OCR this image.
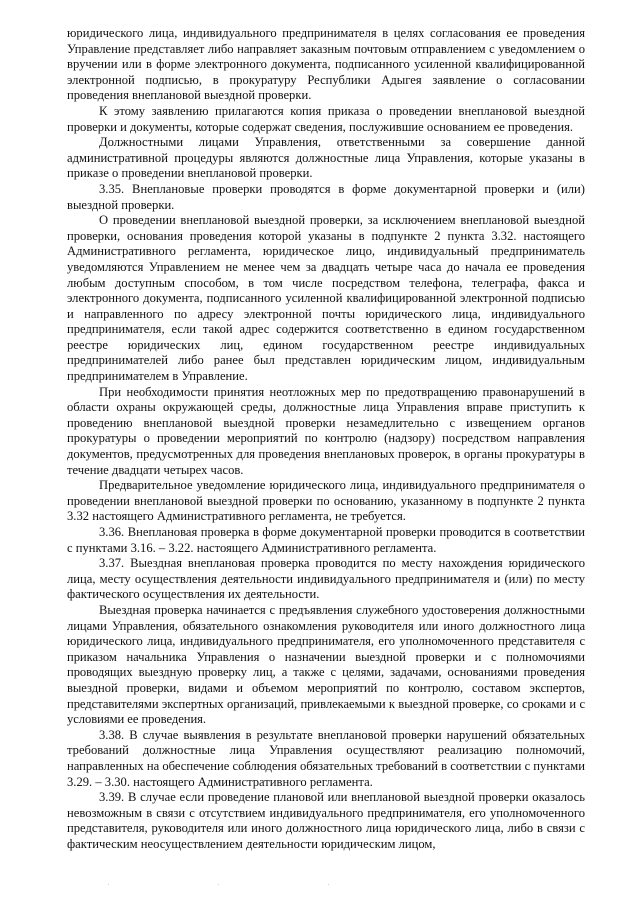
юридического лица, индивидуального предпринимателя в целях согласования ее проведения Управление представляет либо направляет заказным почтовым отправлением с уведомлением о вручении или в форме электронного документа, подписанного усиленной квалифицированной электронной подписью, в прокуратуру Республики Адыгея заявление о согласовании проведения внеплановой выездной проверки.

К этому заявлению прилагаются копия приказа о проведении внеплановой выездной проверки и документы, которые содержат сведения, послужившие основанием ее проведения.

Должностными лицами Управления, ответственными за совершение данной административной процедуры являются должностные лица Управления, которые указаны в приказе о проведении внеплановой проверки.

3.35. Внеплановые проверки проводятся в форме документарной проверки и (или) выездной проверки.

О проведении внеплановой выездной проверки, за исключением внеплановой выездной проверки, основания проведения которой указаны в подпункте 2 пункта 3.32. настоящего Административного регламента, юридическое лицо, индивидуальный предприниматель уведомляются Управлением не менее чем за двадцать четыре часа до начала ее проведения любым доступным способом, в том числе посредством телефона, телеграфа, факса и электронного документа, подписанного усиленной квалифицированной электронной подписью и направленного по адресу электронной почты юридического лица, индивидуального предпринимателя, если такой адрес содержится соответственно в едином государственном реестре юридических лиц, едином государственном реестре индивидуальных предпринимателей либо ранее был представлен юридическим лицом, индивидуальным предпринимателем в Управление.

При необходимости принятия неотложных мер по предотвращению правонарушений в области охраны окружающей среды, должностные лица Управления вправе приступить к проведению внеплановой выездной проверки незамедлительно с извещением органов прокуратуры о проведении мероприятий по контролю (надзору) посредством направления документов, предусмотренных для проведения внеплановых проверок, в органы прокуратуры в течение двадцати четырех часов.

Предварительное уведомление юридического лица, индивидуального предпринимателя о проведении внеплановой выездной проверки по основанию, указанному в подпункте 2 пункта 3.32 настоящего Административного регламента, не требуется.

3.36. Внеплановая проверка в форме документарной проверки проводится в соответствии с пунктами 3.16. – 3.22. настоящего Административного регламента.

3.37. Выездная внеплановая проверка проводится по месту нахождения юридического лица, месту осуществления деятельности индивидуального предпринимателя и (или) по месту фактического осуществления их деятельности.

Выездная проверка начинается с предъявления служебного удостоверения должностными лицами Управления, обязательного ознакомления руководителя или иного должностного лица юридического лица, индивидуального предпринимателя, его уполномоченного представителя с приказом начальника Управления о назначении выездной проверки и с полномочиями проводящих выездную проверку лиц, а также с целями, задачами, основаниями проведения выездной проверки, видами и объемом мероприятий по контролю, составом экспертов, представителями экспертных организаций, привлекаемыми к выездной проверке, со сроками и с условиями ее проведения.

3.38. В случае выявления в результате внеплановой проверки нарушений обязательных требований должностные лица Управления осуществляют реализацию полномочий, направленных на обеспечение соблюдения обязательных требований в соответствии с пунктами 3.29. – 3.30. настоящего Административного регламента.

3.39. В случае если проведение плановой или внеплановой выездной проверки оказалось невозможным в связи с отсутствием индивидуального предпринимателя, его уполномоченного представителя, руководителя или иного должностного лица юридического лица, либо в связи с фактическим неосуществлением деятельности юридическим лицом,
